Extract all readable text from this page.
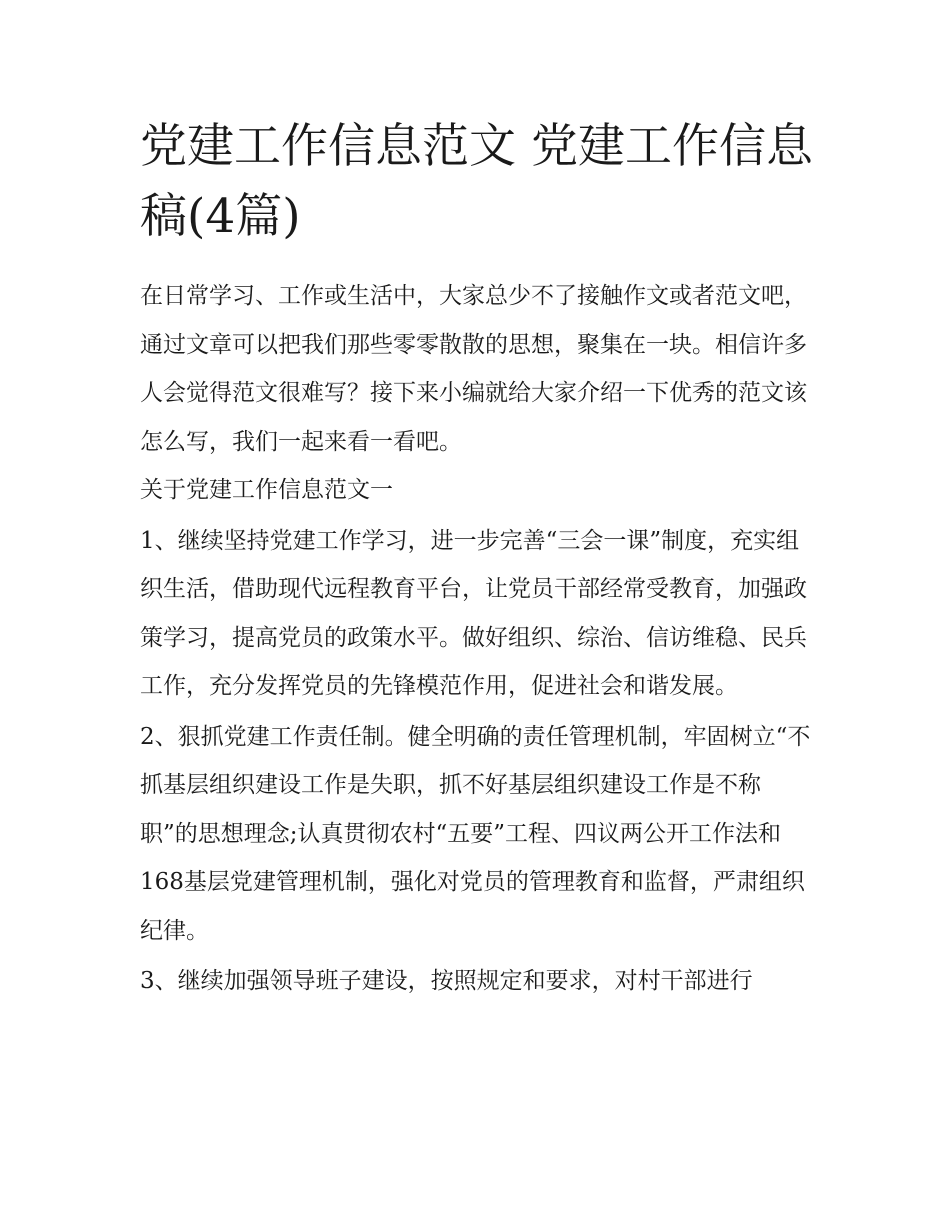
党建工作信息范文 党建工作信息稿(4篇)

在日常学习、工作或生活中，大家总少不了接触作文或者范文吧，通过文章可以把我们那些零零散散的思想，聚集在一块。相信许多人会觉得范文很难写？接下来小编就给大家介绍一下优秀的范文该怎么写，我们一起来看一看吧。

关于党建工作信息范文一

1、继续坚持党建工作学习，进一步完善“三会一课”制度，充实组织生活，借助现代远程教育平台，让党员干部经常受教育，加强政策学习，提高党员的政策水平。做好组织、综治、信访维稳、民兵工作，充分发挥党员的先锋模范作用，促进社会和谐发展。

2、狠抓党建工作责任制。健全明确的责任管理机制，牢固树立“不抓基层组织建设工作是失职，抓不好基层组织建设工作是不称职”的思想理念;认真贯彻农村“五要”工程、四议两公开工作法和168基层党建管理机制，强化对党员的管理教育和监督，严肃组织纪律。

3、继续加强领导班子建设，按照规定和要求，对村干部进行
